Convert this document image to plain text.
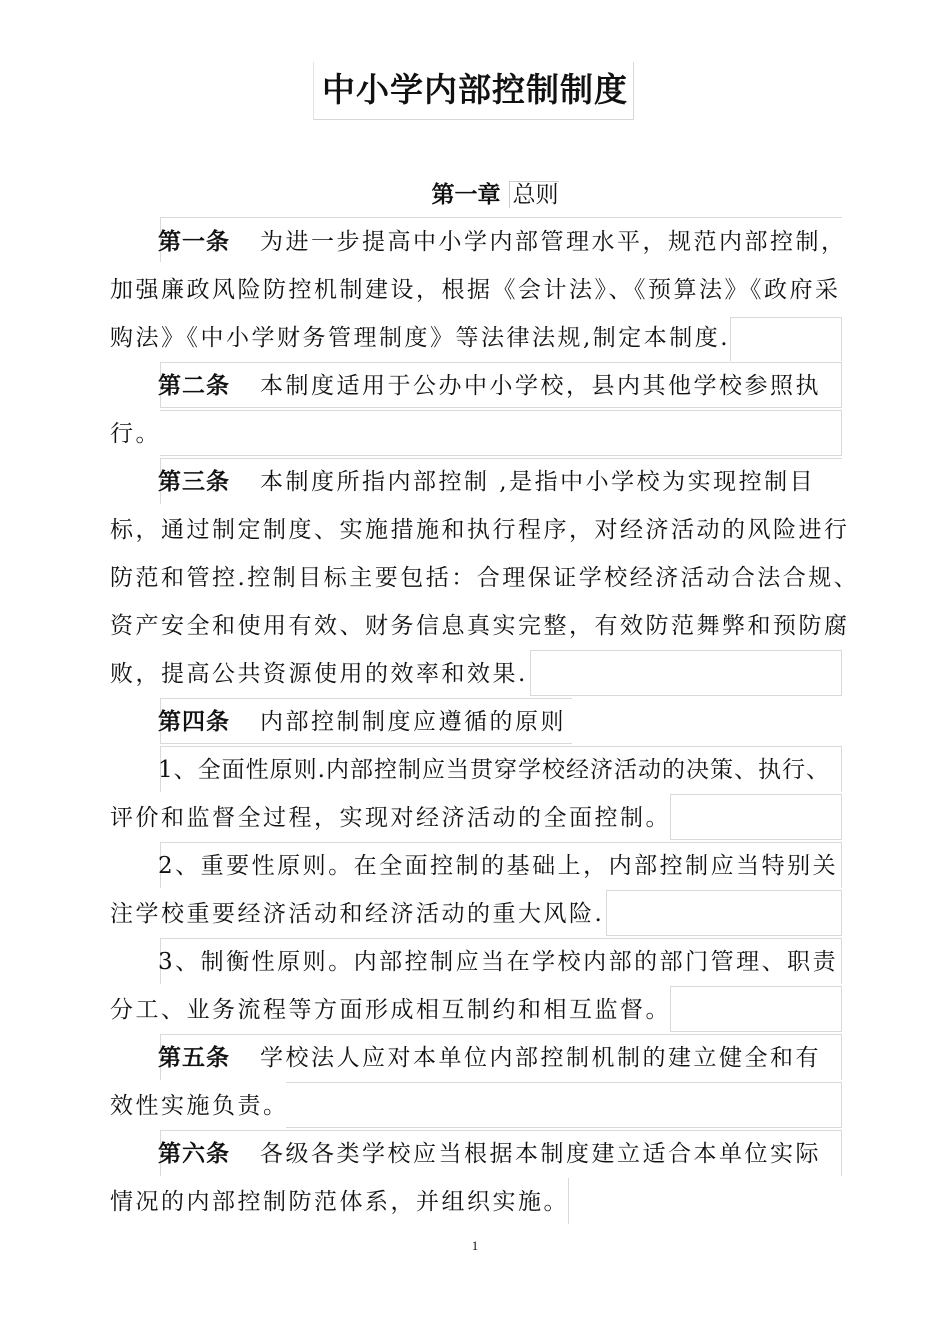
中小学内部控制制度
第一章 总则
第一条 为进一步提高中小学内部管理水平，规范内部控制，
加强廉政风险防控机制建设，根据《会计法》、《预算法》《政府采
购法》《中小学财务管理制度》等法律法规,制定本制度.
第二条 本制度适用于公办中小学校，县内其他学校参照执
行。
第三条 本制度所指内部控制 ,是指中小学校为实现控制目
标，通过制定制度、实施措施和执行程序，对经济活动的风险进行
防范和管控.控制目标主要包括：合理保证学校经济活动合法合规、
资产安全和使用有效、财务信息真实完整，有效防范舞弊和预防腐
败，提高公共资源使用的效率和效果.
第四条 内部控制制度应遵循的原则
1、全面性原则.内部控制应当贯穿学校经济活动的决策、执行、
评价和监督全过程，实现对经济活动的全面控制。
2、重要性原则。在全面控制的基础上，内部控制应当特别关
注学校重要经济活动和经济活动的重大风险.
3、制衡性原则。内部控制应当在学校内部的部门管理、职责
分工、业务流程等方面形成相互制约和相互监督。
第五条 学校法人应对本单位内部控制机制的建立健全和有
效性实施负责。
第六条 各级各类学校应当根据本制度建立适合本单位实际
情况的内部控制防范体系，并组织实施。
1
